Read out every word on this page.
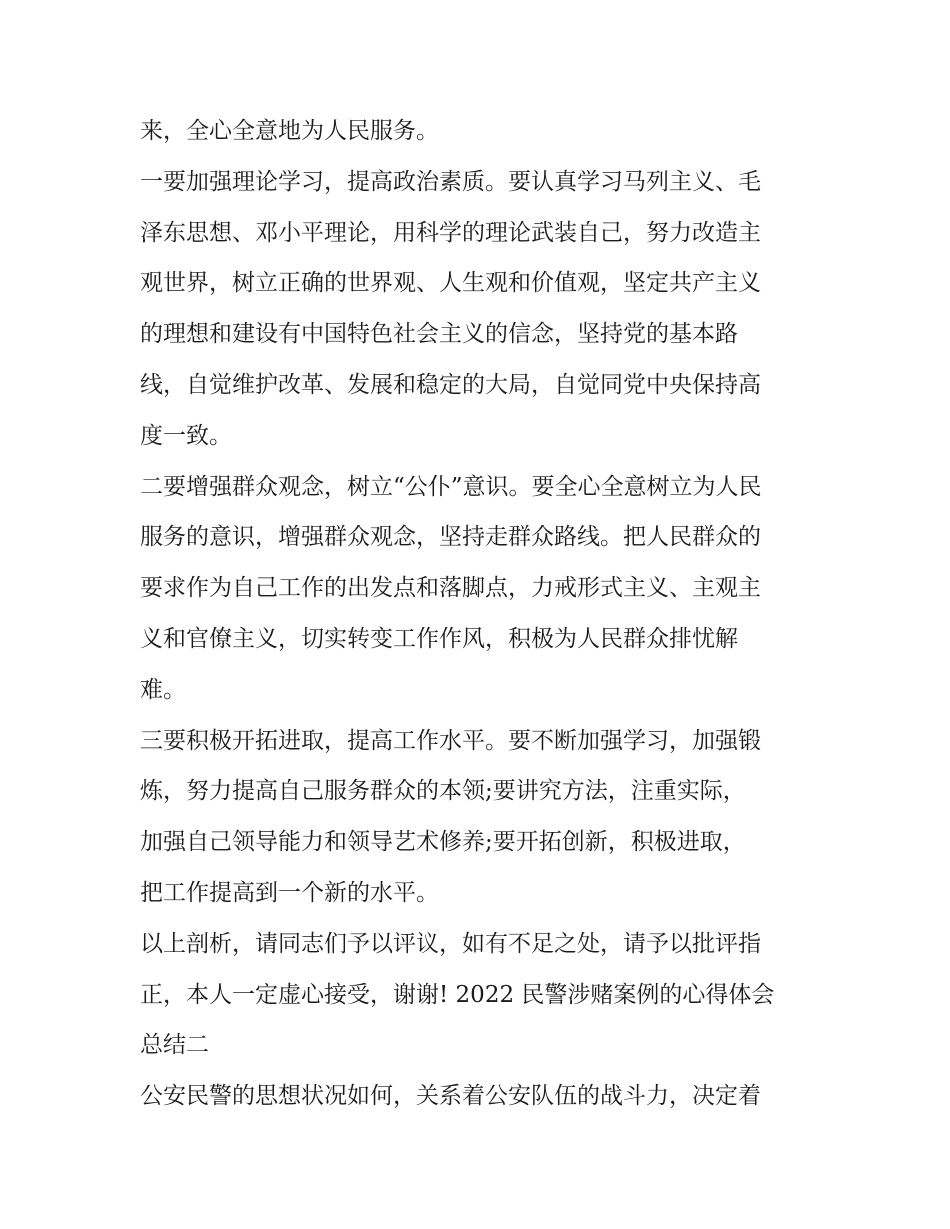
来，全心全意地为人民服务。
一要加强理论学习，提高政治素质。要认真学习马列主义、毛
泽东思想、邓小平理论，用科学的理论武装自己，努力改造主
观世界，树立正确的世界观、人生观和价值观，坚定共产主义
的理想和建设有中国特色社会主义的信念，坚持党的基本路
线，自觉维护改革、发展和稳定的大局，自觉同党中央保持高
度一致。
二要增强群众观念，树立“公仆”意识。要全心全意树立为人民
服务的意识，增强群众观念，坚持走群众路线。把人民群众的
要求作为自己工作的出发点和落脚点，力戒形式主义、主观主
义和官僚主义，切实转变工作作风，积极为人民群众排忧解
难。
三要积极开拓进取，提高工作水平。要不断加强学习，加强锻
炼，努力提高自己服务群众的本领;要讲究方法，注重实际，
加强自己领导能力和领导艺术修养;要开拓创新，积极进取，
把工作提高到一个新的水平。
以上剖析，请同志们予以评议，如有不足之处，请予以批评指
正，本人一定虚心接受，谢谢! 2022 民警涉赌案例的心得体会
总结二
公安民警的思想状况如何，关系着公安队伍的战斗力，决定着
